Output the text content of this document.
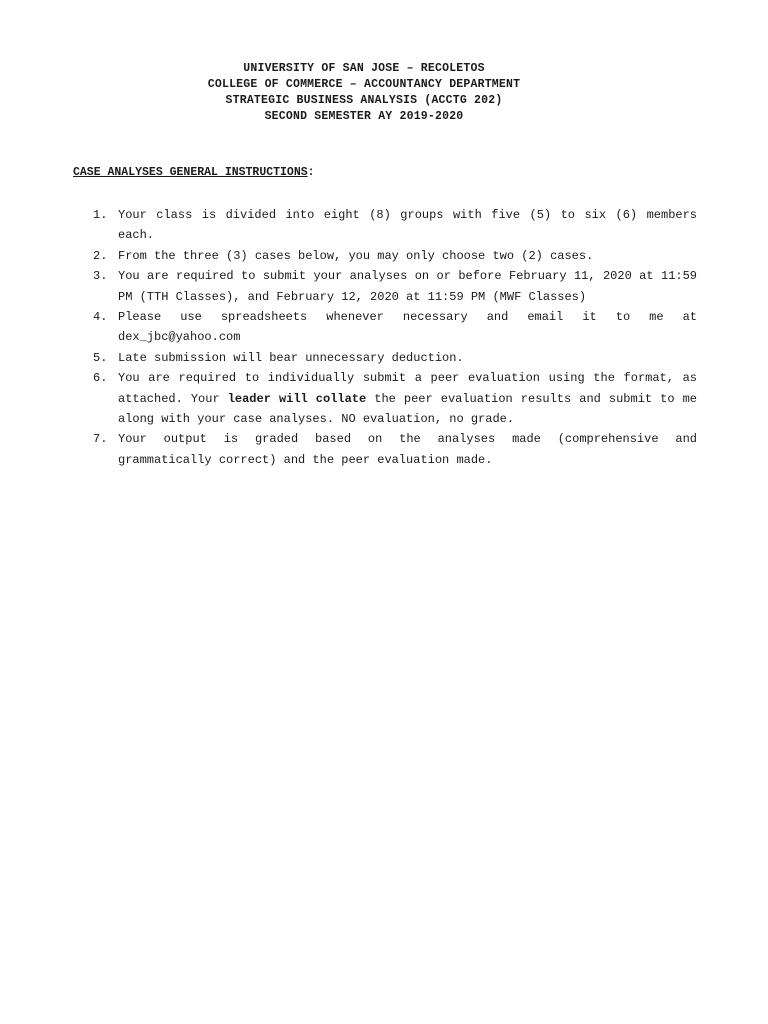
UNIVERSITY OF SAN JOSE – RECOLETOS
COLLEGE OF COMMERCE – ACCOUNTANCY DEPARTMENT
STRATEGIC BUSINESS ANALYSIS (ACCTG 202)
SECOND SEMESTER AY 2019-2020
CASE ANALYSES GENERAL INSTRUCTIONS:
1. Your class is divided into eight (8) groups with five (5) to six (6) members each.
2. From the three (3) cases below, you may only choose two (2) cases.
3. You are required to submit your analyses on or before February 11, 2020 at 11:59 PM (TTH Classes), and February 12, 2020 at 11:59 PM (MWF Classes)
4. Please use spreadsheets whenever necessary and email it to me at dex_jbc@yahoo.com
5. Late submission will bear unnecessary deduction.
6. You are required to individually submit a peer evaluation using the format, as attached. Your leader will collate the peer evaluation results and submit to me along with your case analyses. NO evaluation, no grade.
7. Your output is graded based on the analyses made (comprehensive and grammatically correct) and the peer evaluation made.
